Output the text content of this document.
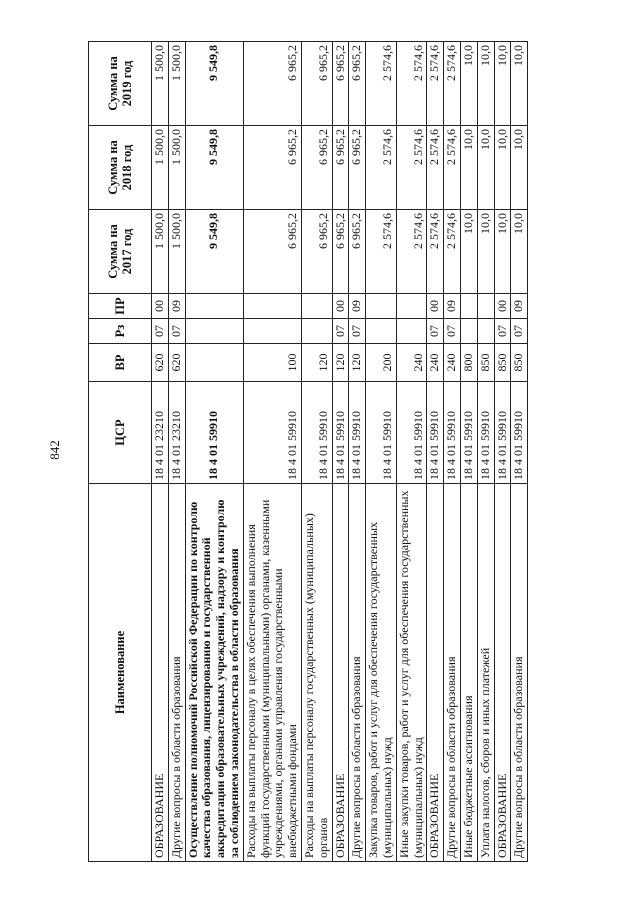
842
Наименование	ЦСР	ВР	Рз	ПР	Сумма на 2017 год	Сумма на 2018 год	Сумма на 2019 год
ОБРАЗОВАНИЕ	18 4 01 23210	620	07	00	1 500,0	1 500,0	1 500,0
Другие вопросы в области образования	18 4 01 23210	620	07	09	1 500,0	1 500,0	1 500,0
Осуществление полномочий Российской Федерации по контролю качества образования, лицензированию и государственной аккредитации образовательных учреждений, надзору и контролю за соблюдением законодательства в области образования	18 4 01 59910				9 549,8	9 549,8	9 549,8
Расходы на выплаты персоналу в целях обеспечения выполнения функций государственными (муниципальными) органами, казенными учреждениями, органами управления государственными внебюджетными фондами	18 4 01 59910	100			6 965,2	6 965,2	6 965,2
Расходы на выплаты персоналу государственных (муниципальных) органов	18 4 01 59910	120			6 965,2	6 965,2	6 965,2
ОБРАЗОВАНИЕ	18 4 01 59910	120	07	00	6 965,2	6 965,2	6 965,2
Другие вопросы в области образования	18 4 01 59910	120	07	09	6 965,2	6 965,2	6 965,2
Закупка товаров, работ и услуг для обеспечения государственных (муниципальных) нужд	18 4 01 59910	200			2 574,6	2 574,6	2 574,6
Иные закупки товаров, работ и услуг для обеспечения государственных (муниципальных) нужд	18 4 01 59910	240			2 574,6	2 574,6	2 574,6
ОБРАЗОВАНИЕ	18 4 01 59910	240	07	00	2 574,6	2 574,6	2 574,6
Другие вопросы в области образования	18 4 01 59910	240	07	09	2 574,6	2 574,6	2 574,6
Иные бюджетные ассигнования	18 4 01 59910	800			10,0	10,0	10,0
Уплата налогов, сборов и иных платежей	18 4 01 59910	850			10,0	10,0	10,0
ОБРАЗОВАНИЕ	18 4 01 59910	850	07	00	10,0	10,0	10,0
Другие вопросы в области образования	18 4 01 59910	850	07	09	10,0	10,0	10,0
